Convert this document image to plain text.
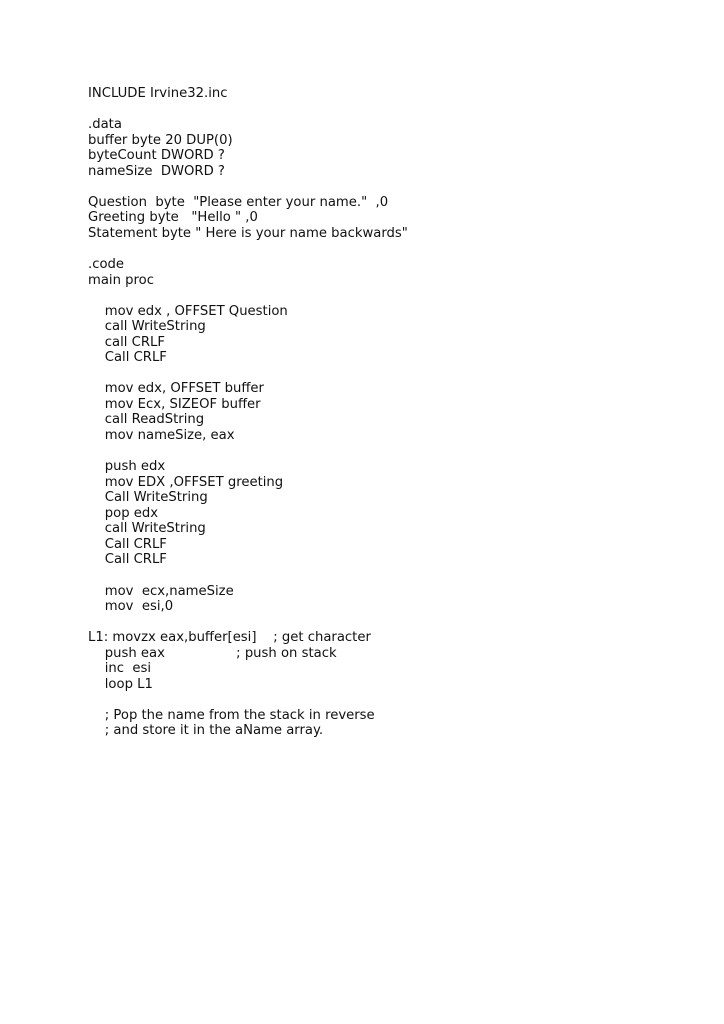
INCLUDE Irvine32.inc
.data
buffer byte 20 DUP(0)
byteCount DWORD ?
nameSize  DWORD ?
Question  byte  "Please enter your name."  ,0
Greeting byte   "Hello " ,0
Statement byte " Here is your name backwards"
.code
main proc
mov edx , OFFSET Question
call WriteString
call CRLF
Call CRLF
mov edx, OFFSET buffer
mov Ecx, SIZEOF buffer
call ReadString
mov nameSize, eax
push edx
mov EDX ,OFFSET greeting
Call WriteString
pop edx
call WriteString
Call CRLF
Call CRLF
mov  ecx,nameSize
mov  esi,0
L1: movzx eax,buffer[esi]    ; get character
push eax                 ; push on stack
inc  esi
loop L1
; Pop the name from the stack in reverse
; and store it in the aName array.
